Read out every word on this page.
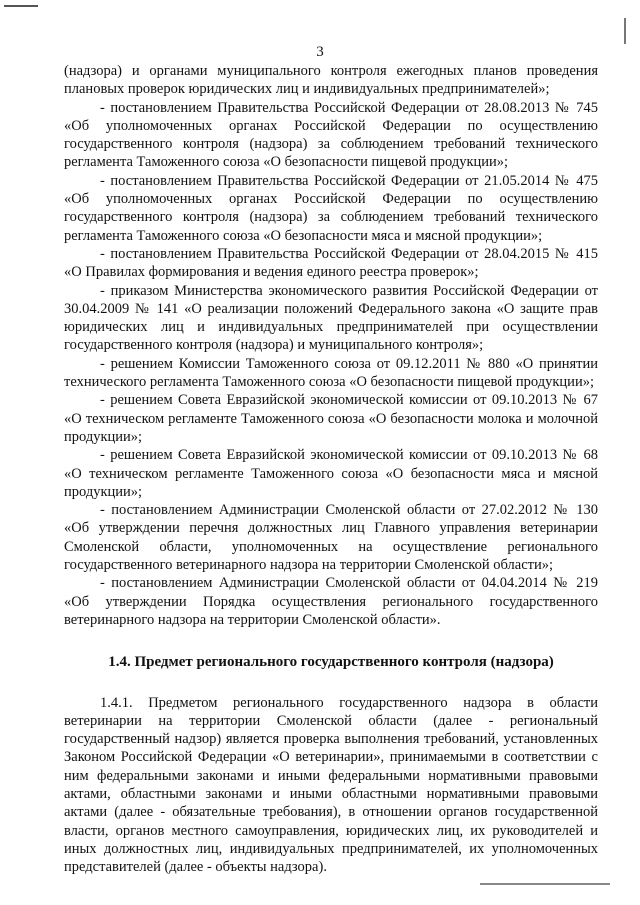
3

(надзора) и органами муниципального контроля ежегодных планов проведения плановых проверок юридических лиц и индивидуальных предпринимателей»;

- постановлением Правительства Российской Федерации от 28.08.2013 № 745 «Об уполномоченных органах Российской Федерации по осуществлению государственного контроля (надзора) за соблюдением требований технического регламента Таможенного союза «О безопасности пищевой продукции»;

- постановлением Правительства Российской Федерации от 21.05.2014 № 475 «Об уполномоченных органах Российской Федерации по осуществлению государственного контроля (надзора) за соблюдением требований технического регламента Таможенного союза «О безопасности мяса и мясной продукции»;

- постановлением Правительства Российской Федерации от 28.04.2015 № 415 «О Правилах формирования и ведения единого реестра проверок»;

- приказом Министерства экономического развития Российской Федерации от 30.04.2009 № 141 «О реализации положений Федерального закона «О защите прав юридических лиц и индивидуальных предпринимателей при осуществлении государственного контроля (надзора) и муниципального контроля»;

- решением Комиссии Таможенного союза от 09.12.2011 № 880 «О принятии технического регламента Таможенного союза «О безопасности пищевой продукции»;

- решением Совета Евразийской экономической комиссии от 09.10.2013 № 67 «О техническом регламенте Таможенного союза «О безопасности молока и молочной продукции»;

- решением Совета Евразийской экономической комиссии от 09.10.2013 № 68 «О техническом регламенте Таможенного союза «О безопасности мяса и мясной продукции»;

- постановлением Администрации Смоленской области от 27.02.2012 № 130 «Об утверждении перечня должностных лиц Главного управления ветеринарии Смоленской области, уполномоченных на осуществление регионального государственного ветеринарного надзора на территории Смоленской области»;

- постановлением Администрации Смоленской области от 04.04.2014 № 219 «Об утверждении Порядка осуществления регионального государственного ветеринарного надзора на территории Смоленской области».

1.4. Предмет регионального государственного контроля (надзора)

1.4.1. Предметом регионального государственного надзора в области ветеринарии на территории Смоленской области (далее - региональный государственный надзор) является проверка выполнения требований, установленных Законом Российской Федерации «О ветеринарии», принимаемыми в соответствии с ним федеральными законами и иными федеральными нормативными правовыми актами, областными законами и иными областными нормативными правовыми актами (далее - обязательные требования), в отношении органов государственной власти, органов местного самоуправления, юридических лиц, их руководителей и иных должностных лиц, индивидуальных предпринимателей, их уполномоченных представителей (далее - объекты надзора).
